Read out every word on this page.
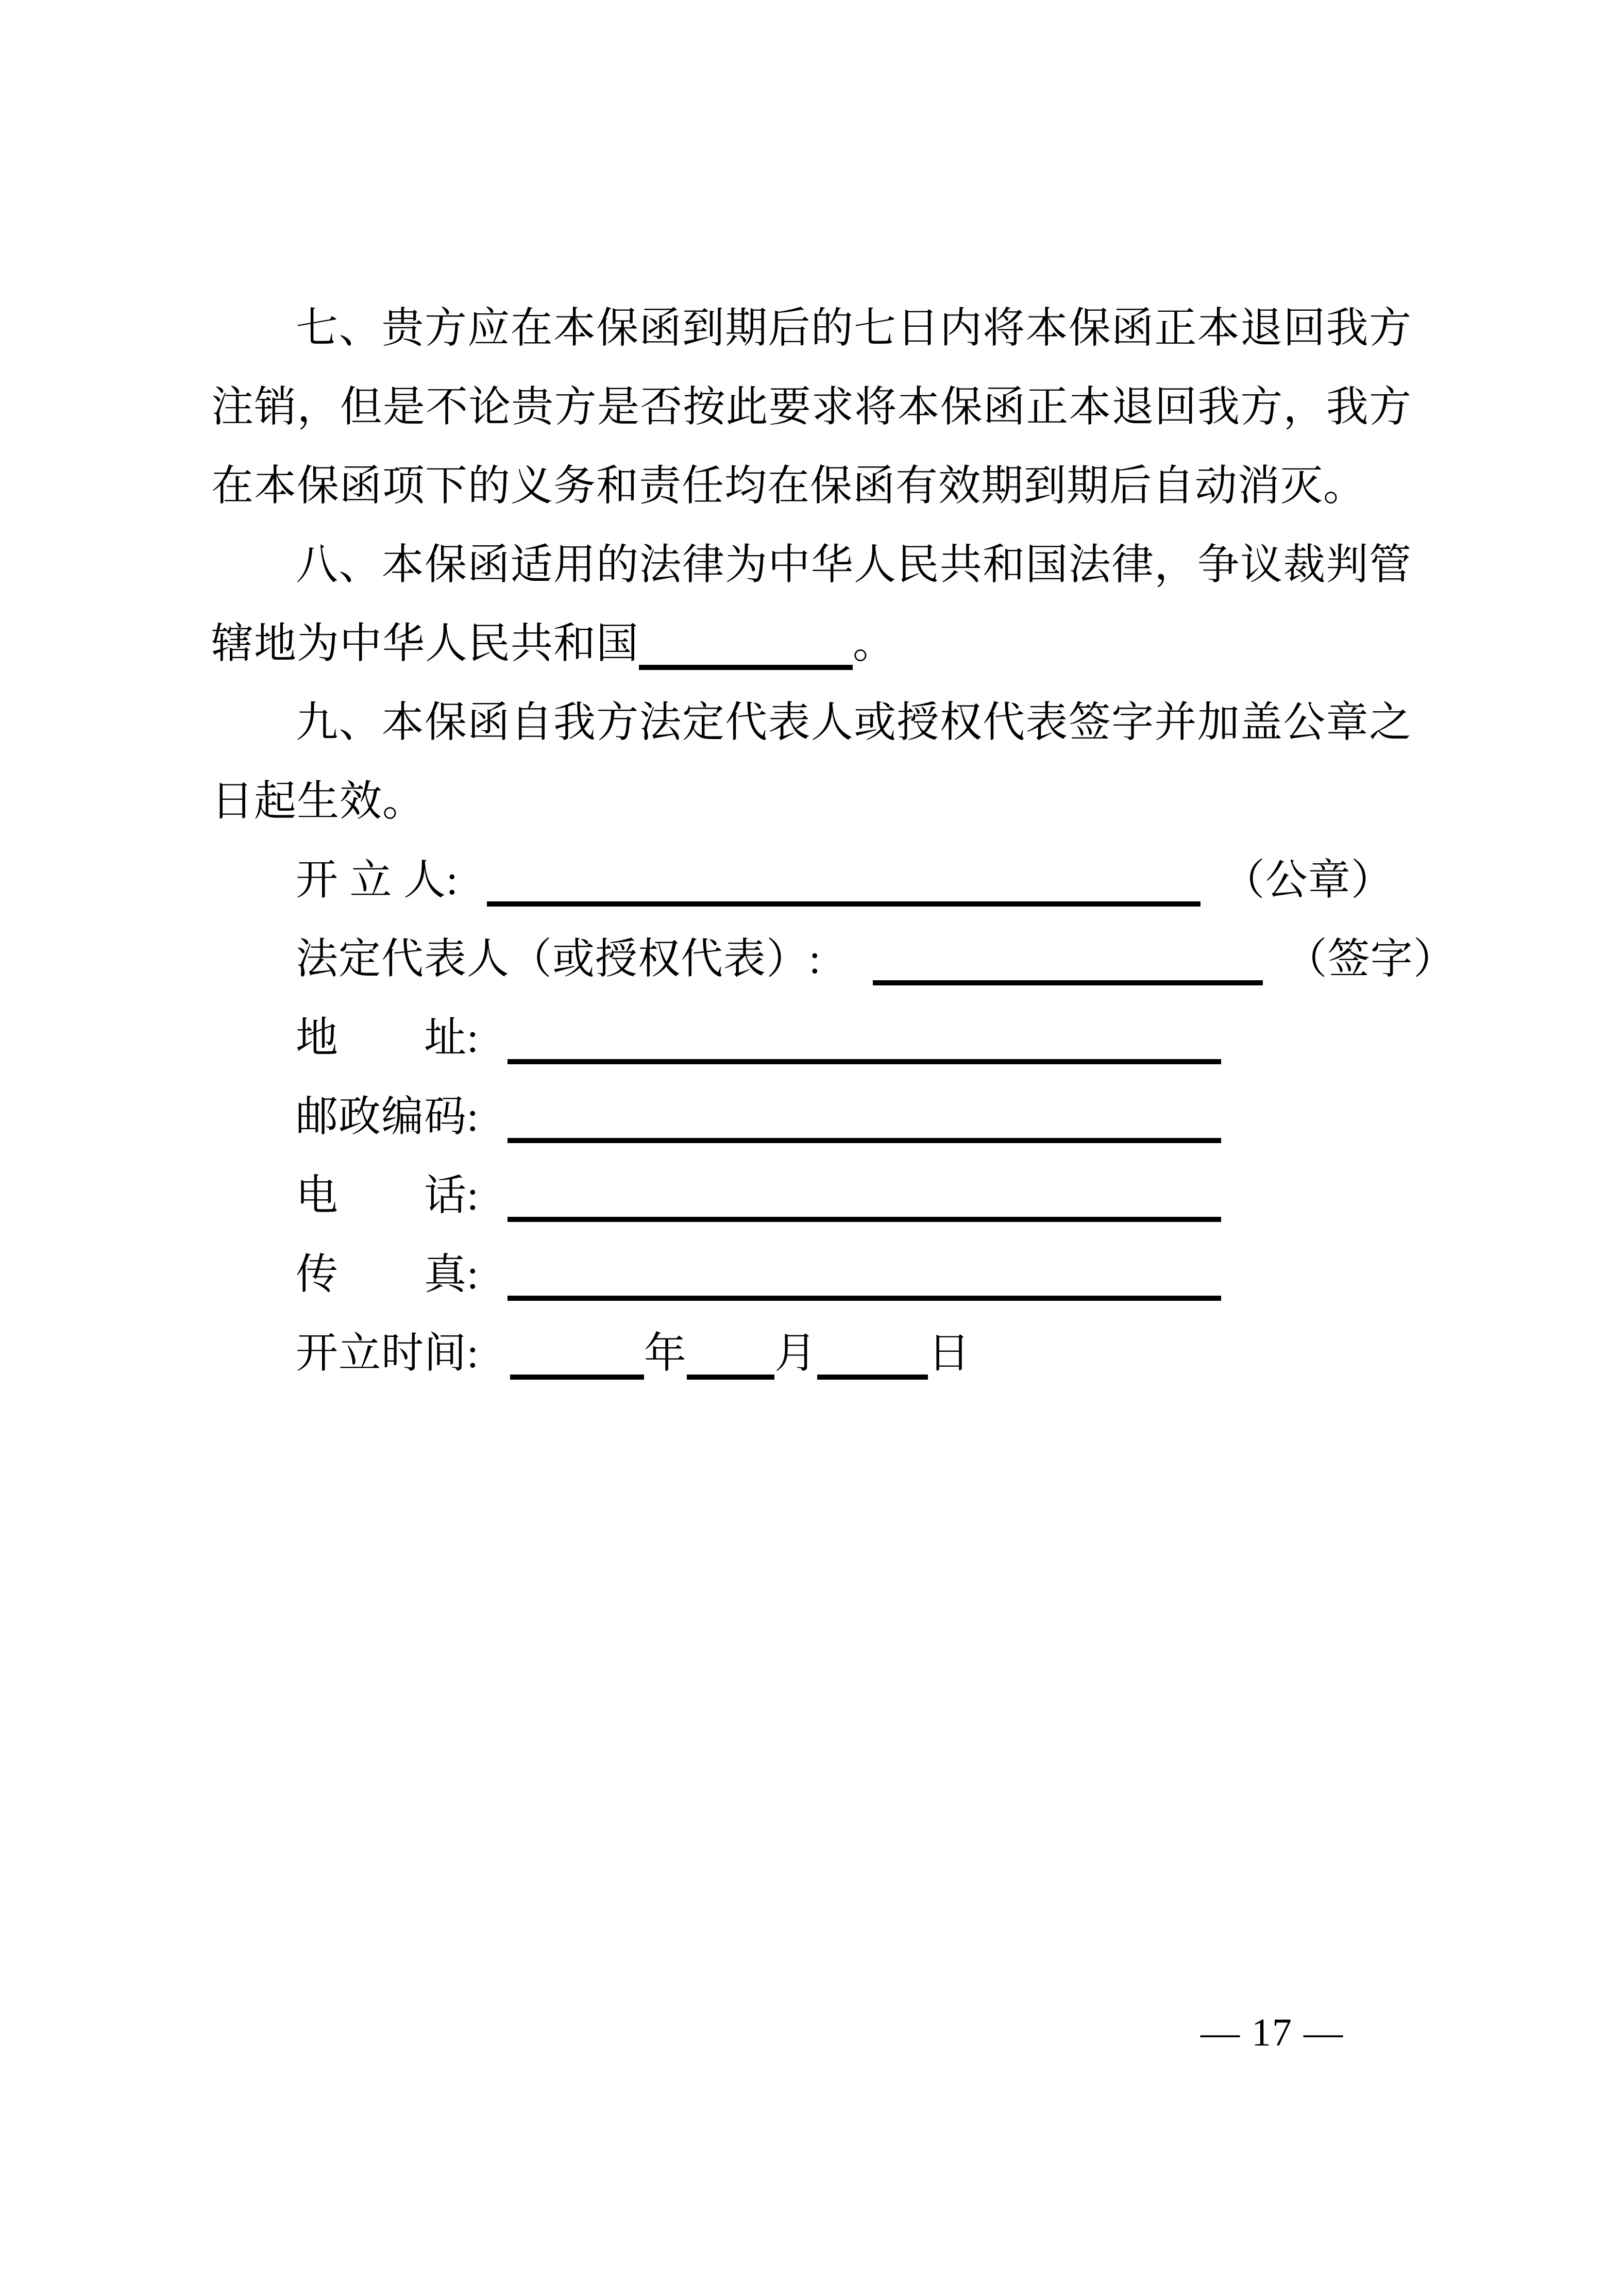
七、贵方应在本保函到期后的七日内将本保函正本退回我方
注销，但是不论贵方是否按此要求将本保函正本退回我方，我方
在本保函项下的义务和责任均在保函有效期到期后自动消灭。
八、本保函适用的法律为中华人民共和国法律，争议裁判管
辖地为中华人民共和国	。
九、本保函自我方法定代表人或授权代表签字并加盖公章之
日起生效。
开 立 人:	（公章）
法定代表人（或授权代表）:	（签字）
地　　址:
邮政编码:
电　　话:
传　　真:
开立时间:	年 月	日
— 17 —
